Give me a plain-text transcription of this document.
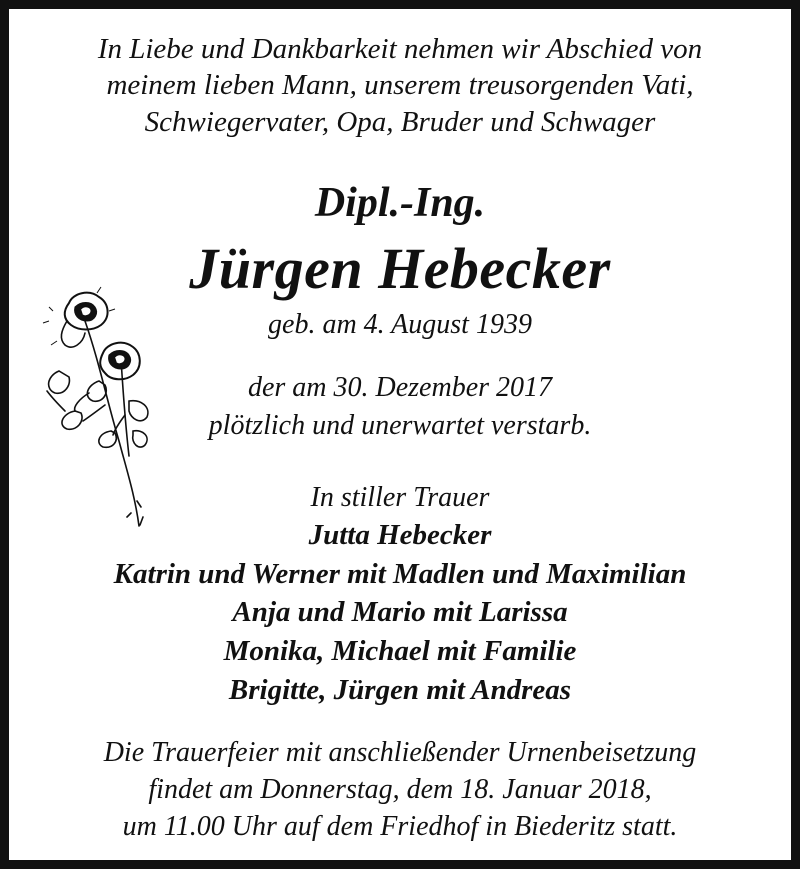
In Liebe und Dankbarkeit nehmen wir Abschied von
meinem lieben Mann, unserem treusorgenden Vati,
Schwiegervater, Opa, Bruder und Schwager
Dipl.-Ing.
Jürgen Hebecker
geb. am 4. August 1939
der am 30. Dezember 2017
plötzlich und unerwartet verstarb.
In stiller Trauer
Jutta Hebecker
Katrin und Werner mit Madlen und Maximilian
Anja und Mario mit Larissa
Monika, Michael mit Familie
Brigitte, Jürgen mit Andreas
Die Trauerfeier mit anschließender Urnenbeisetzung
findet am Donnerstag, dem 18. Januar 2018,
um 11.00 Uhr auf dem Friedhof in Biederitz statt.
